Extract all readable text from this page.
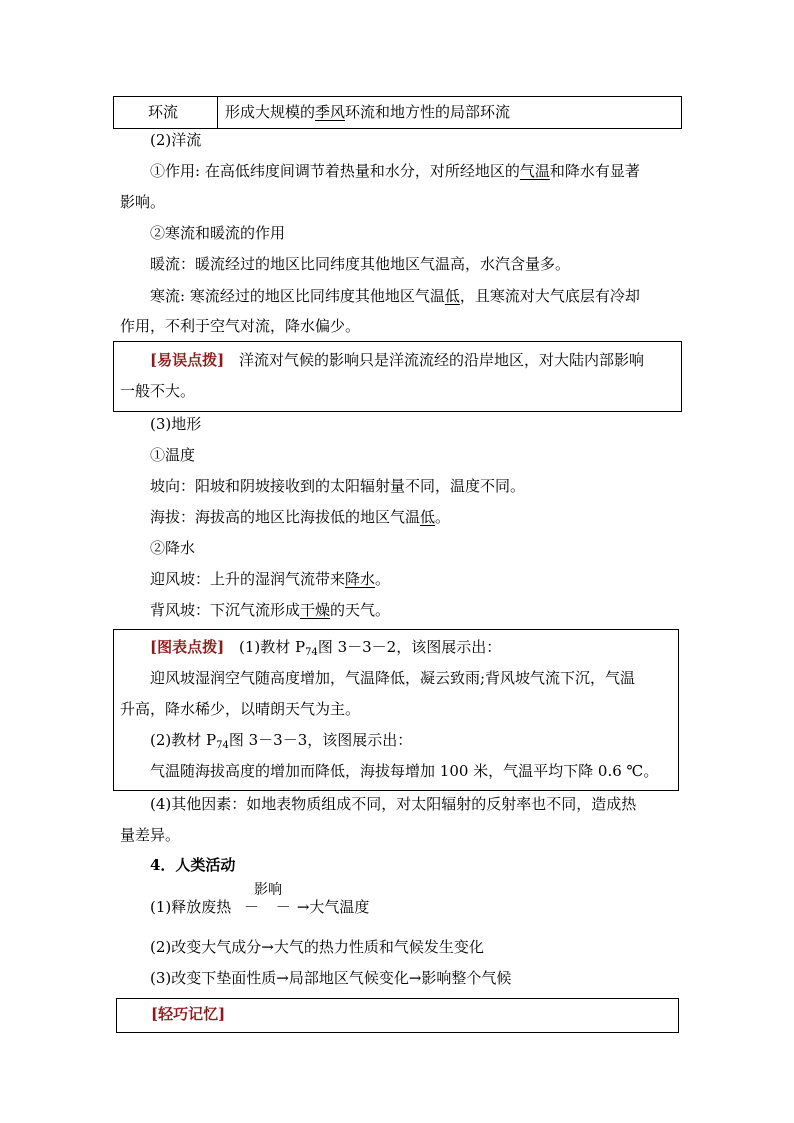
环流	形成大规模的季风环流和地方性的局部环流
(2)洋流
①作用: 在高低纬度间调节着热量和水分，对所经地区的气温和降水有显著
影响。
②寒流和暖流的作用
暖流：暖流经过的地区比同纬度其他地区气温高，水汽含量多。
寒流: 寒流经过的地区比同纬度其他地区气温低，且寒流对大气底层有冷却
作用，不利于空气对流，降水偏少。
[易误点拨] 洋流对气候的影响只是洋流流经的沿岸地区，对大陆内部影响
一般不大。
(3)地形
①温度
坡向：阳坡和阴坡接收到的太阳辐射量不同，温度不同。
海拔：海拔高的地区比海拔低的地区气温低。
②降水
迎风坡：上升的湿润气流带来降水。
背风坡：下沉气流形成干燥的天气。
[图表点拨] (1)教材 $P_{74}$图 3－3－2，该图展示出：
迎风坡湿润空气随高度增加，气温降低，凝云致雨;背风坡气流下沉，气温
升高，降水稀少，以晴朗天气为主。
(2)教材 $P_{74}$图 3－3－3，该图展示出：
气温随海拔高度的增加而降低，海拔每增加 100 米，气温平均下降 0.6 ℃。
(4)其他因素：如地表物质组成不同，对太阳辐射的反射率也不同，造成热
量差异。
4．人类活动
影响
(1)释放废热 － －→大气温度
(2)改变大气成分→大气的热力性质和气候发生变化
(3)改变下垫面性质→局部地区气候变化→影响整个气候
[轻巧记忆]
